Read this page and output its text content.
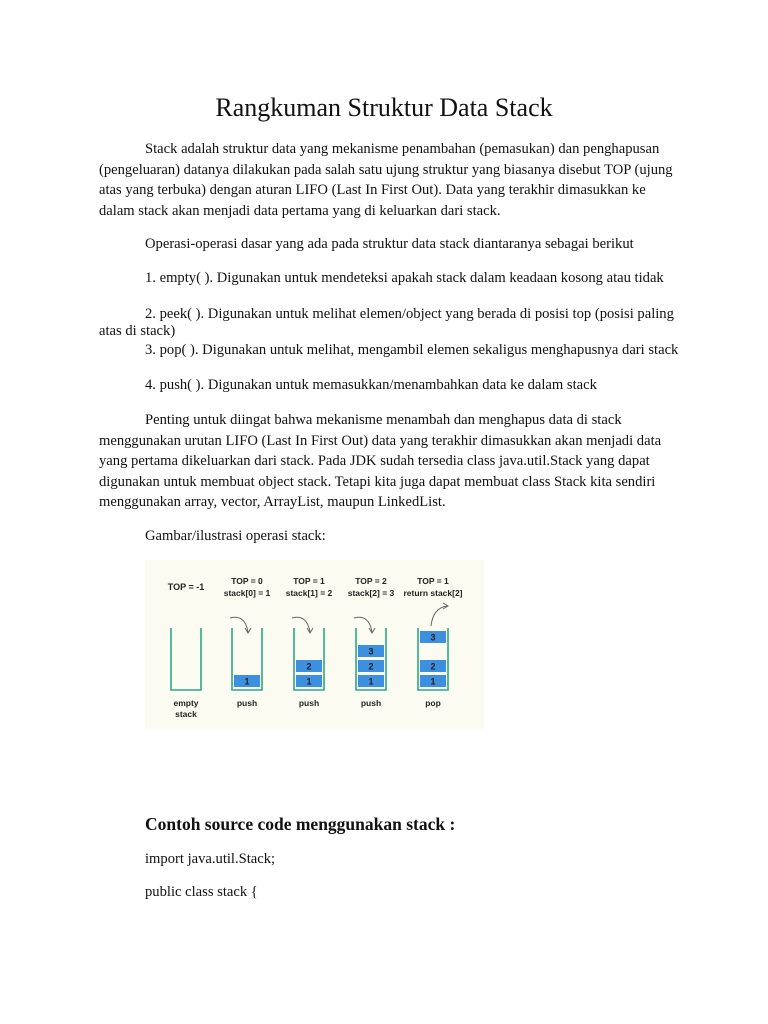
Rangkuman Struktur Data Stack
Stack adalah struktur data yang mekanisme penambahan (pemasukan) dan penghapusan (pengeluaran) datanya dilakukan pada salah satu ujung struktur yang biasanya disebut TOP (ujung atas yang terbuka) dengan aturan LIFO (Last In First Out). Data yang terakhir dimasukkan ke dalam stack akan menjadi data pertama yang di keluarkan dari stack.
Operasi-operasi dasar yang ada pada struktur data stack diantaranya sebagai berikut
1. empty( ). Digunakan untuk mendeteksi apakah stack dalam keadaan kosong atau tidak
2. peek( ). Digunakan untuk melihat elemen/object yang berada di posisi top (posisi paling atas di stack)
3. pop( ). Digunakan untuk melihat, mengambil elemen sekaligus menghapusnya dari stack
4. push( ). Digunakan untuk memasukkan/menambahkan data ke dalam stack
Penting untuk diingat bahwa mekanisme menambah dan menghapus data di stack menggunakan urutan LIFO (Last In First Out) data yang terakhir dimasukkan akan menjadi data yang pertama dikeluarkan dari stack. Pada JDK sudah tersedia class java.util.Stack yang dapat digunakan untuk membuat object stack. Tetapi kita juga dapat membuat class Stack kita sendiri menggunakan array, vector, ArrayList, maupun LinkedList.
Gambar/ilustrasi operasi stack:
TOP = -1
empty
stack
TOP = 0
stack[0] = 1
1
push
TOP = 1
stack[1] = 2
1
2
push
TOP = 2
stack[2] = 3
1
2
3
push
TOP = 1
return stack[2]
1
2
3
pop
Contoh source code menggunakan stack :
import java.util.Stack;
public class stack {
